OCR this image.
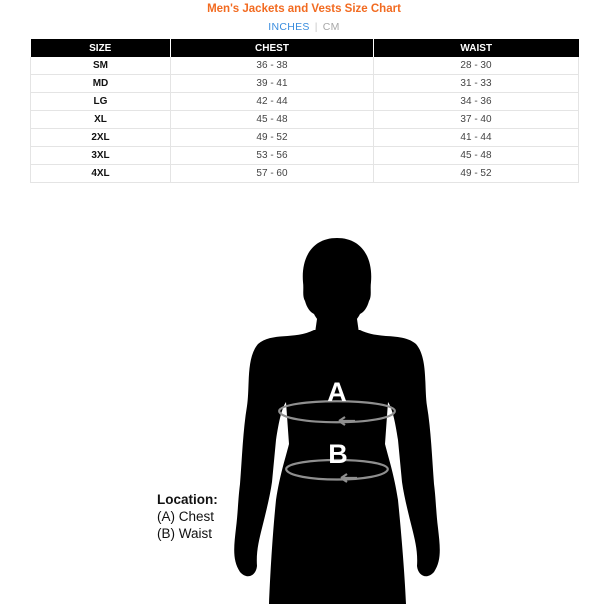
Men's Jackets and Vests Size Chart
INCHES | CM
SIZE	CHEST	WAIST
SM	36 - 38	28 - 30
MD	39 - 41	31 - 33
LG	42 - 44	34 - 36
XL	45 - 48	37 - 40
2XL	49 - 52	41 - 44
3XL	53 - 56	45 - 48
4XL	57 - 60	49 - 52
A
B
Location:
(A) Chest
(B) Waist
